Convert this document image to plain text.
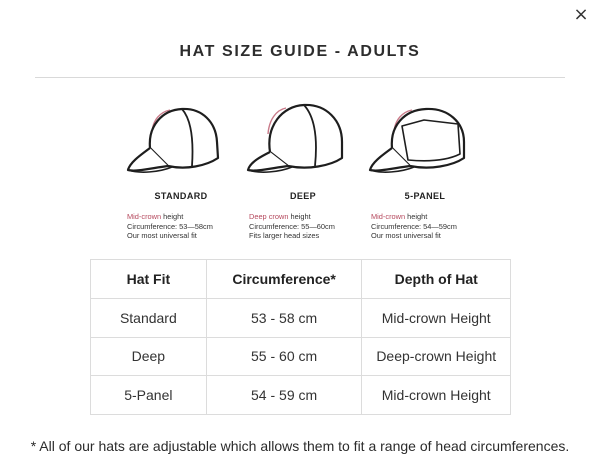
×
HAT SIZE GUIDE - ADULTS
STANDARD
Mid-crown height
Circumference: 53—58cm
Our most universal fit
DEEP
Deep crown height
Circumference: 55—60cm
Fits larger head sizes
5-PANEL
Mid-crown height
Circumference: 54—59cm
Our most universal fit
Hat Fit	Circumference*	Depth of Hat
Standard	53 - 58 cm	Mid-crown Height
Deep	55 - 60 cm	Deep-crown Height
5-Panel	54 - 59 cm	Mid-crown Height

* All of our hats are adjustable which allows them to fit a range of head circumferences.
